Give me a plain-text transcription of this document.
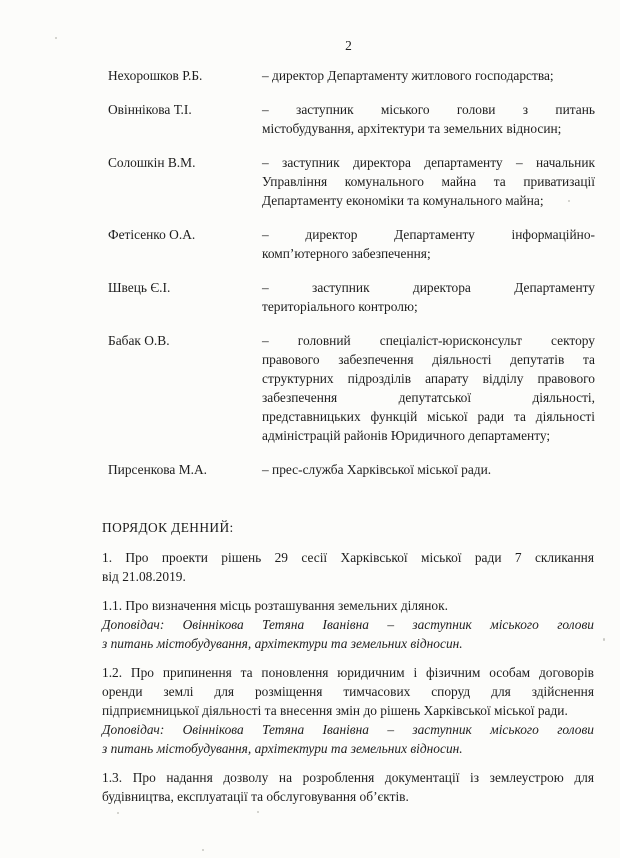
2
Нехорошков Р.Б.	– директор Департаменту житлового господарства;
Овіннікова Т.І.	– заступник міського голови з питань
містобудування, архітектури та земельних відносин;
Солошкін В.М.	– заступник директора департаменту – начальник
Управління комунального майна та приватизації
Департаменту економіки та комунального майна;
Фетісенко О.А.	– директор Департаменту інформаційно-
комп’ютерного забезпечення;
Швець Є.І.	– заступник директора Департаменту
територіального контролю;
Бабак О.В.	– головний спеціаліст-юрисконсульт сектору
правового забезпечення діяльності депутатів та
структурних підрозділів апарату відділу правового
забезпечення депутатської діяльності,
представницьких функцій міської ради та діяльності
адміністрацій районів Юридичного департаменту;
Пирсенкова М.А.	– прес-служба Харківської міської ради.
ПОРЯДОК ДЕННИЙ:
1. Про проекти рішень 29 сесії Харківської міської ради 7 скликання
від 21.08.2019.
1.1. Про визначення місць розташування земельних ділянок.
Доповідач: Овіннікова Тетяна Іванівна – заступник міського голови
з питань містобудування, архітектури та земельних відносин.
1.2. Про припинення та поновлення юридичним і фізичним особам договорів
оренди землі для розміщення тимчасових споруд для здійснення
підприємницької діяльності та внесення змін до рішень Харківської міської ради.
Доповідач: Овіннікова Тетяна Іванівна – заступник міського голови
з питань містобудування, архітектури та земельних відносин.
1.3. Про надання дозволу на розроблення документації із землеустрою для
будівництва, експлуатації та обслуговування об’єктів.
